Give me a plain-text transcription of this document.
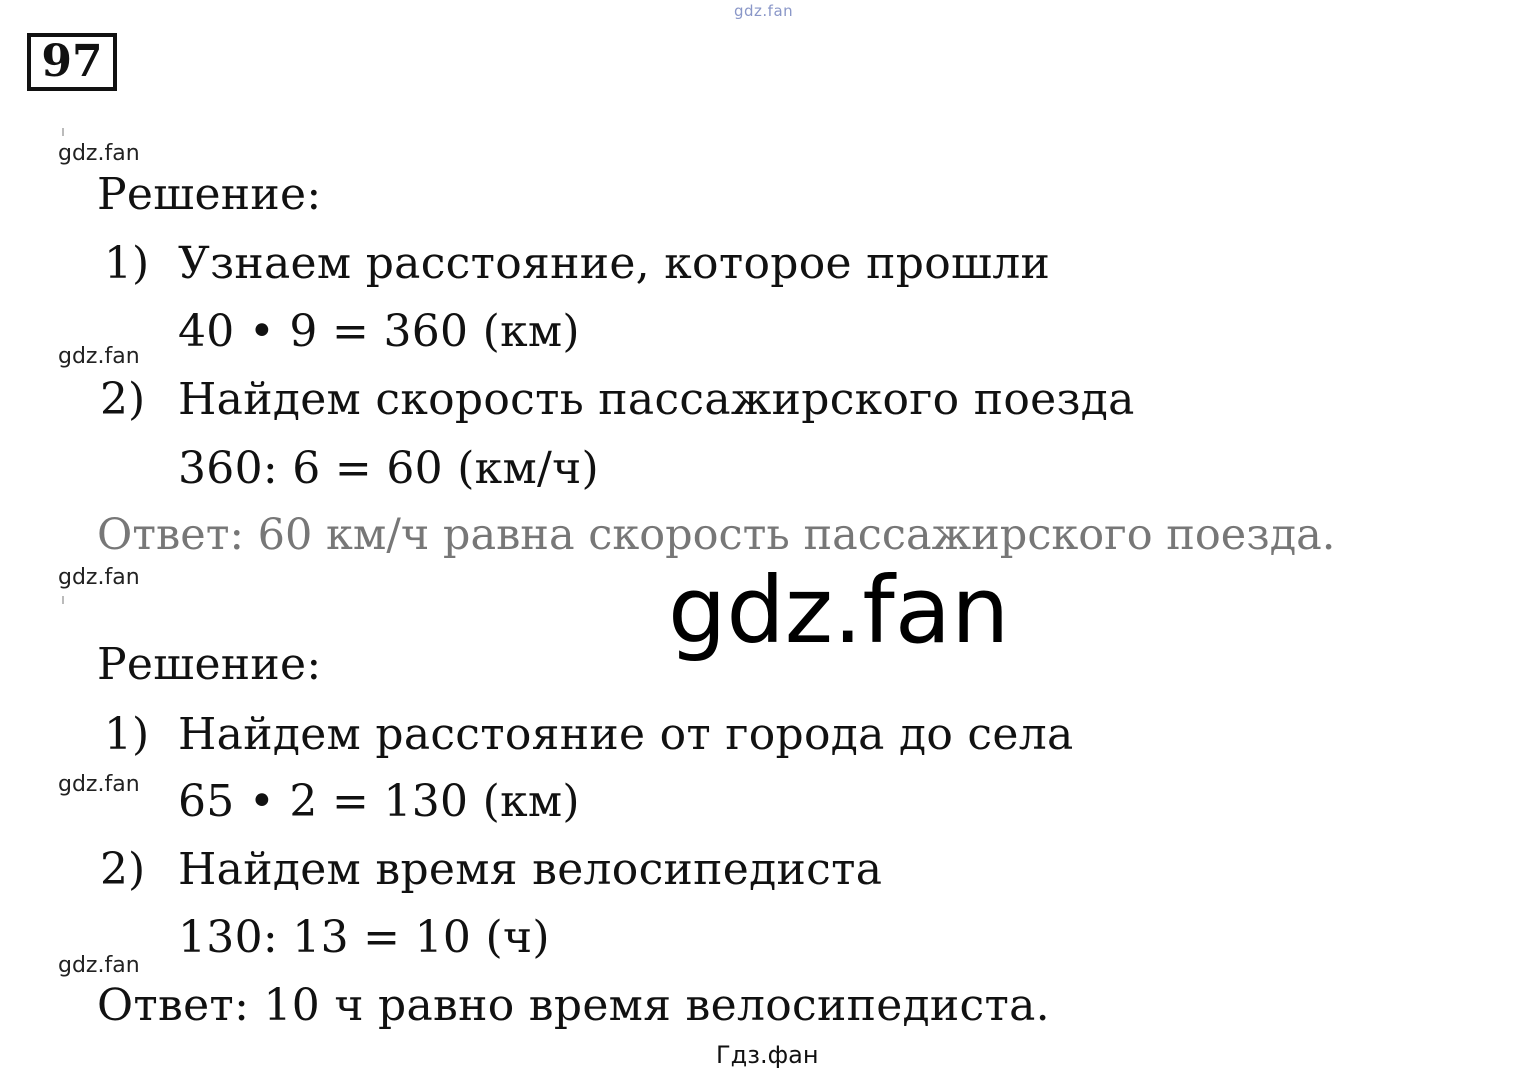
gdz.fan
97
gdz.fan
gdz.fan
gdz.fan
gdz.fan
gdz.fan
Решение:
1) Узнаем расстояние, которое прошли
40 • 9 = 360 (км)
2) Найдем скорость пассажирского поезда
360: 6 = 60 (км/ч)
Ответ: 60 км/ч равна скорость пассажирского поезда.
gdz.fan
Решение:
1) Найдем расстояние от города до села
65 • 2 = 130 (км)
2) Найдем время велосипедиста
130: 13 = 10 (ч)
Ответ: 10 ч равно время велосипедиста.
Гдз.фан
